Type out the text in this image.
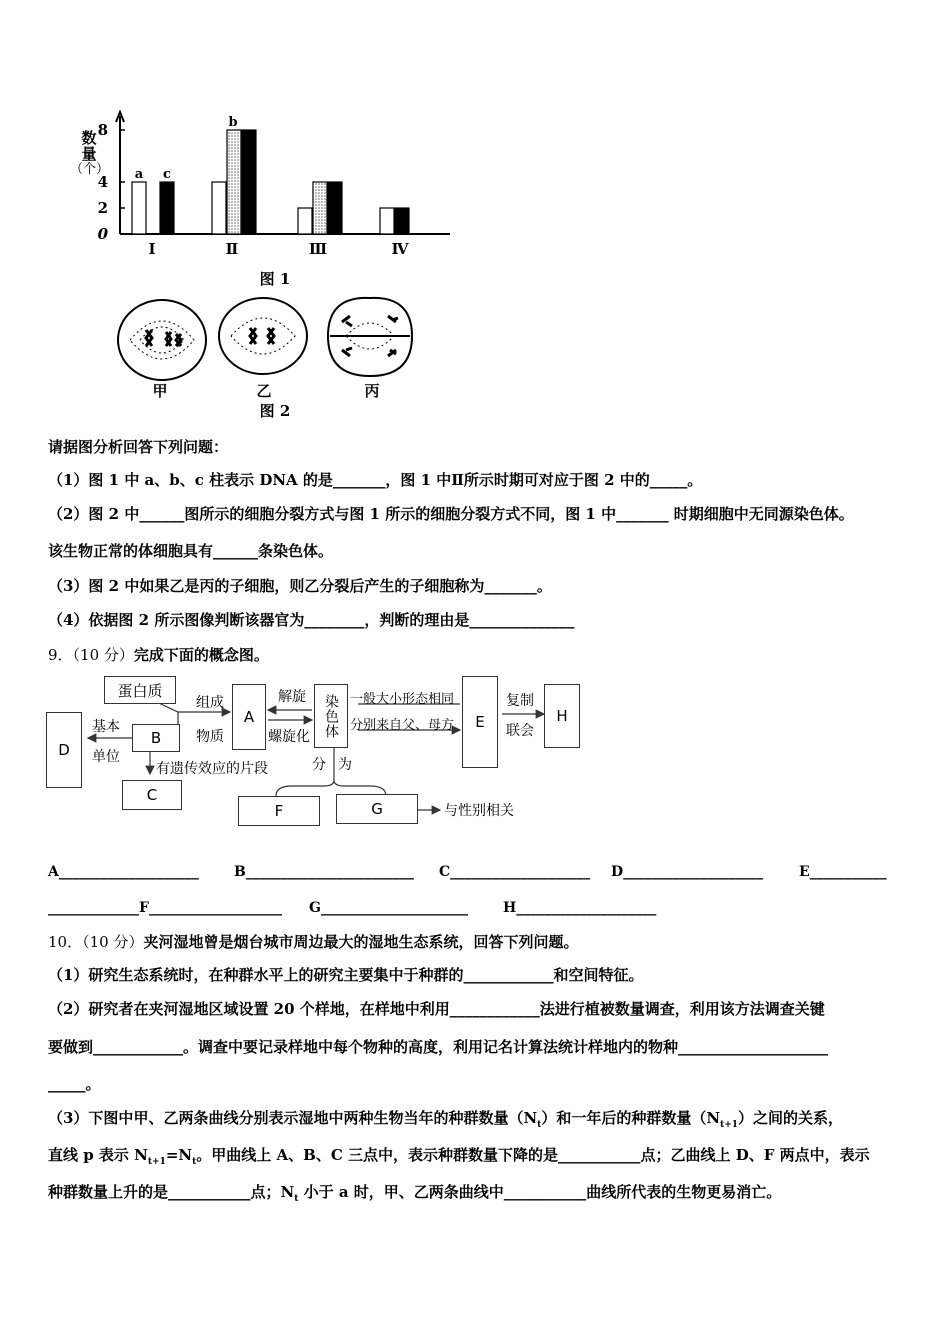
8
4
2
0
Ⅰ	Ⅱ	Ⅲ	Ⅳ
a c
b
数
量
（个）
图 1
甲	乙	丙
图 2
请据图分析回答下列问题：
（1）图 1 中 a、b、c 柱表示 DNA 的是_______，图 1 中Ⅱ所示时期可对应于图 2 中的_____。
（2）图 2 中______图所示的细胞分裂方式与图 1 所示的细胞分裂方式不同，图 1 中_______ 时期细胞中无同源染色体。
该生物正常的体细胞具有______条染色体。
（3）图 2 中如果乙是丙的子细胞，则乙分裂后产生的子细胞称为_______。
（4）依据图 2 所示图像判断该器官为________，判断的理由是______________
9．（10 分）完成下面的概念图。
蛋白质
A
B
C
D
染色体	E	H
F	G
组成
物质
解旋
螺旋化
基本
单位
有遗传效应的片段
一般大小形态相同
分别来自父、母方
复制
联会
分 为
与性别相关
A____________________	B________________________ C____________________ D____________________	E___________
_____________F___________________ G_____________________	H____________________
10．（10 分）夹河湿地曾是烟台城市周边最大的湿地生态系统，回答下列问题。
（1）研究生态系统时，在种群水平上的研究主要集中于种群的____________和空间特征。
（2）研究者在夹河湿地区域设置 20 个样地，在样地中利用____________法进行植被数量调查，利用该方法调查关键
要做到____________。调查中要记录样地中每个物种的高度，利用记名计算法统计样地内的物种____________________
_____。
（3）下图中甲、乙两条曲线分别表示湿地中两种生物当年的种群数量$(N_t)$和一年后的种群数量$(N_{t+1})$之间的关系，
直线 p 表示 $N_{t+1}=N_t$。甲曲线上 A、B、C 三点中，表示种群数量下降的是___________点；乙曲线上 D、F 两点中，表示
种群数量上升的是___________点；$N_t$ 小于 a 时，甲、乙两条曲线中___________曲线所代表的生物更易消亡。
